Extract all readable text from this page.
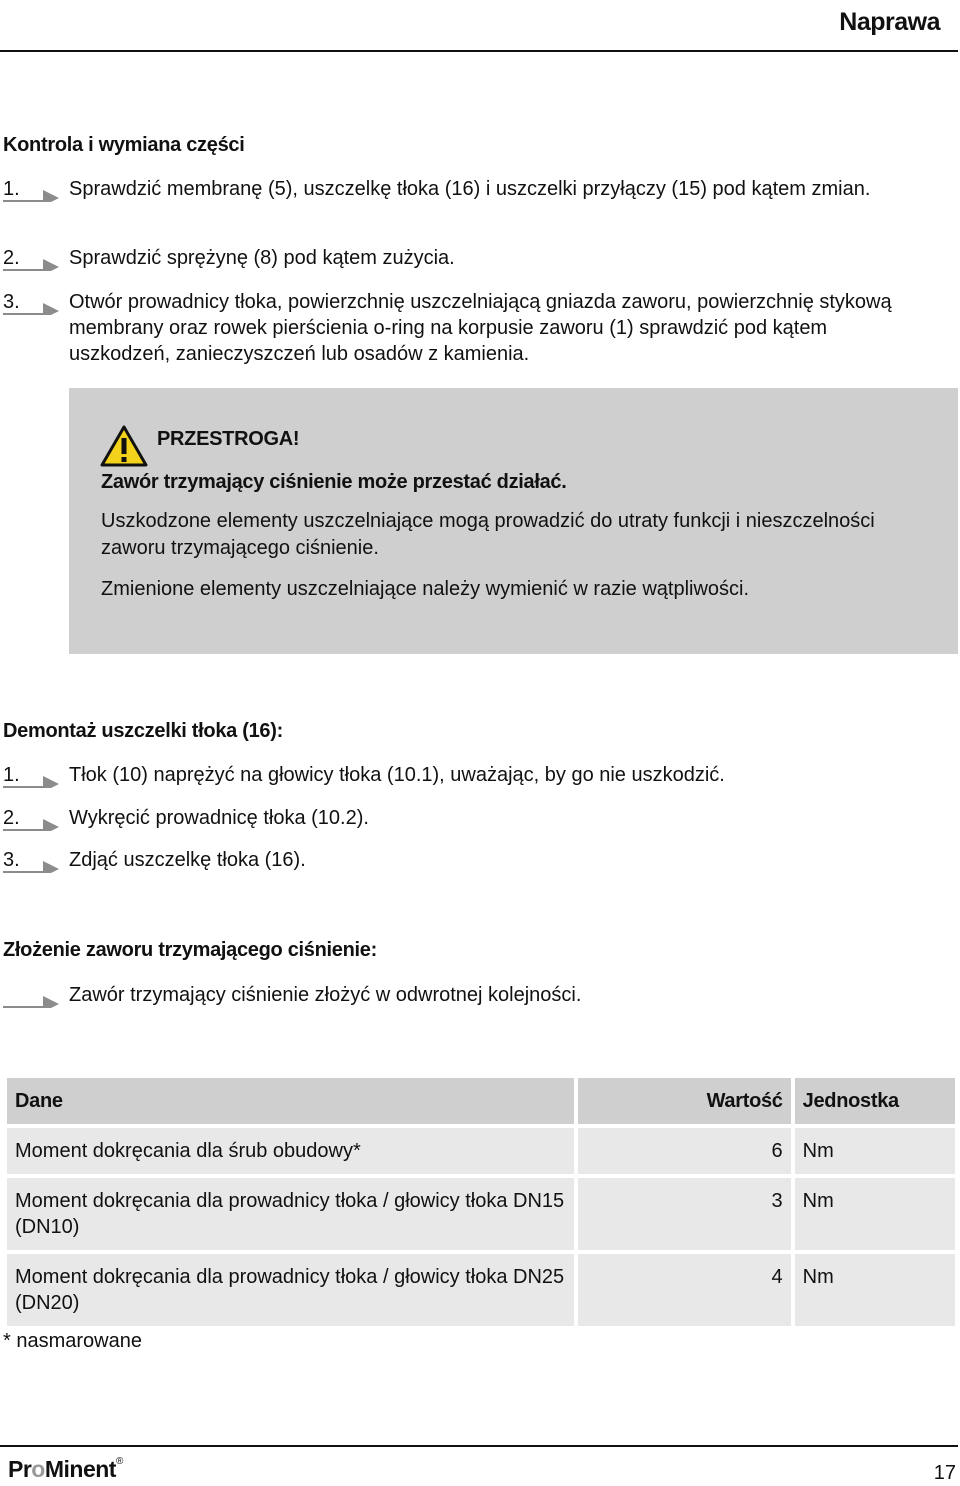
Naprawa
Kontrola i wymiana części
1. Sprawdzić membranę (5), uszczelkę tłoka (16) i uszczelki przyłączy (15) pod kątem zmian.
2. Sprawdzić sprężynę (8) pod kątem zużycia.
3. Otwór prowadnicy tłoka, powierzchnię uszczelniającą gniazda zaworu, powierzchnię stykową membrany oraz rowek pierścienia o-ring na korpusie zaworu (1) sprawdzić pod kątem uszkodzeń, zanieczyszczeń lub osadów z kamienia.
PRZESTROGA!
Zawór trzymający ciśnienie może przestać działać.
Uszkodzone elementy uszczelniające mogą prowadzić do utraty funkcji i nieszczelności zaworu trzymającego ciśnienie.
Zmienione elementy uszczelniające należy wymienić w razie wątpliwości.
Demontaż uszczelki tłoka (16):
1. Tłok (10) naprężyć na głowicy tłoka (10.1), uważając, by go nie uszkodzić.
2. Wykręcić prowadnicę tłoka (10.2).
3. Zdjąć uszczelkę tłoka (16).
Złożenie zaworu trzymającego ciśnienie:
Zawór trzymający ciśnienie złożyć w odwrotnej kolejności.
Dane	Wartość	Jednostka
Moment dokręcania dla śrub obudowy*	6	Nm
Moment dokręcania dla prowadnicy tłoka / głowicy tłoka DN15 (DN10)	3	Nm
Moment dokręcania dla prowadnicy tłoka / głowicy tłoka DN25 (DN20)	4	Nm
* nasmarowane
ProMinent®
17
